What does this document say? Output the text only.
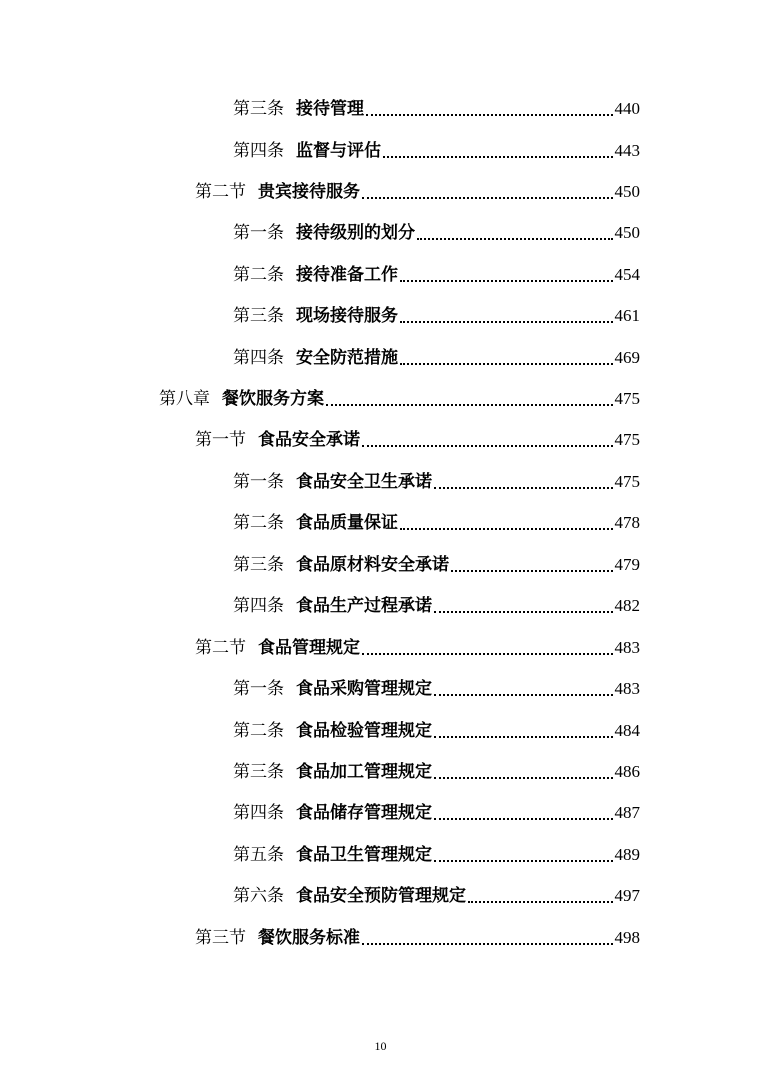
第三条 接待管理	440
第四条 监督与评估	443
第二节 贵宾接待服务	450
第一条 接待级别的划分	450
第二条 接待准备工作	454
第三条 现场接待服务	461
第四条 安全防范措施	469
第八章 餐饮服务方案	475
第一节 食品安全承诺	475
第一条 食品安全卫生承诺	475
第二条 食品质量保证	478
第三条 食品原材料安全承诺	479
第四条 食品生产过程承诺	482
第二节 食品管理规定	483
第一条 食品采购管理规定	483
第二条 食品检验管理规定	484
第三条 食品加工管理规定	486
第四条 食品储存管理规定	487
第五条 食品卫生管理规定	489
第六条 食品安全预防管理规定	497
第三节 餐饮服务标准	498
10
